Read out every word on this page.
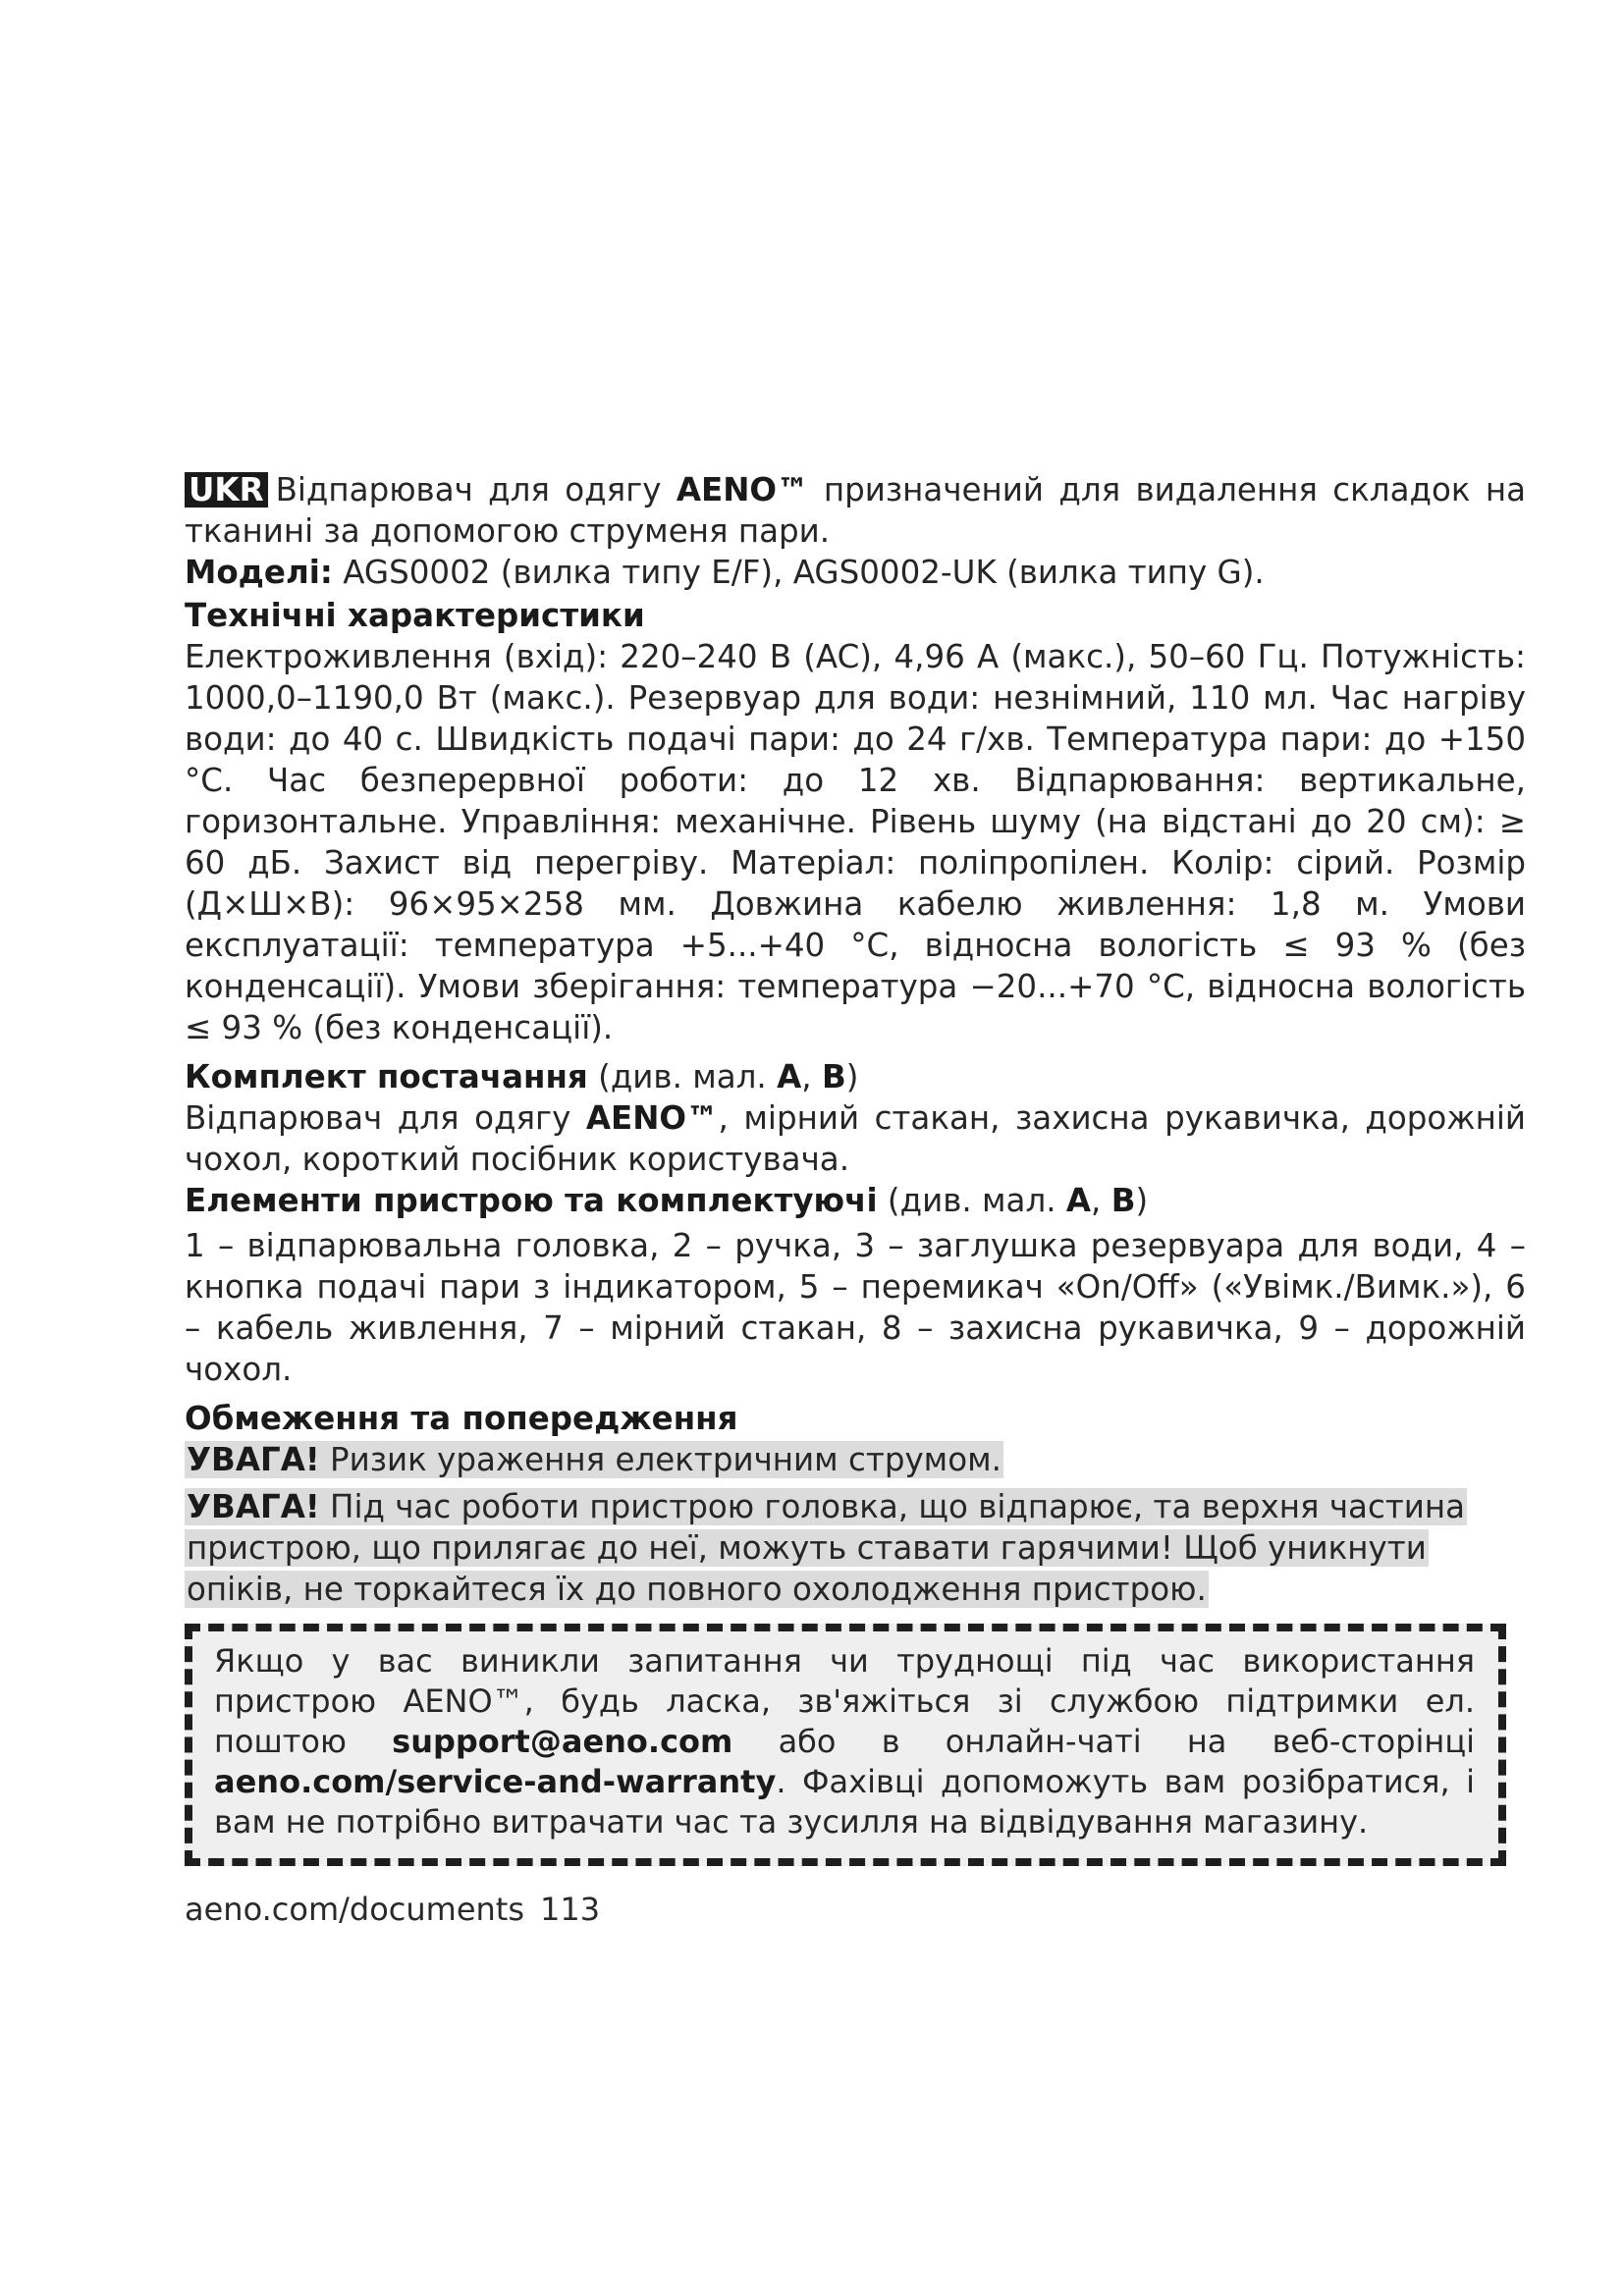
UKR Відпарювач для одягу AENO™ призначений для видалення складок на тканині за допомогою струменя пари.

Моделі: AGS0002 (вилка типу E/F), AGS0002-UK (вилка типу G).

Технічні характеристики

Електроживлення (вхід): 220–240 В (AC), 4,96 А (макс.), 50–60 Гц. Потужність: 1000,0–1190,0 Вт (макс.). Резервуар для води: незнімний, 110 мл. Час нагріву води: до 40 с. Швидкість подачі пари: до 24 г/хв. Температура пари: до +150 °C. Час безперервної роботи: до 12 хв. Відпарювання: вертикальне, горизонтальне. Управління: механічне. Рівень шуму (на відстані до 20 см): ≥ 60 дБ. Захист від перегріву. Матеріал: поліпропілен. Колір: сірий. Розмір (Д×Ш×В): 96×95×258 мм. Довжина кабелю живлення: 1,8 м. Умови експлуатації: температура +5...+40 °C, відносна вологість ≤ 93 % (без конденсації). Умови зберігання: температура −20...+70 °C, відносна вологість ≤ 93 % (без конденсації).

Комплект постачання (див. мал. A, B)

Відпарювач для одягу AENO™, мірний стакан, захисна рукавичка, дорожній чохол, короткий посібник користувача.

Елементи пристрою та комплектуючі (див. мал. A, B)

1 – відпарювальна головка, 2 – ручка, 3 – заглушка резервуара для води, 4 – кнопка подачі пари з індикатором, 5 – перемикач «On/Off» («Увімк./Вимк.»), 6 – кабель живлення, 7 – мірний стакан, 8 – захисна рукавичка, 9 – дорожній чохол.

Обмеження та попередження

УВАГА! Ризик ураження електричним струмом.

УВАГА! Під час роботи пристрою головка, що відпарює, та верхня частина пристрою, що прилягає до неї, можуть ставати гарячими! Щоб уникнути опіків, не торкайтеся їх до повного охолодження пристрою.

Якщо у вас виникли запитання чи труднощі під час використання пристрою AENO™, будь ласка, зв'яжіться зі службою підтримки ел. поштою support@aeno.com або в онлайн-чаті на веб-сторінці aeno.com/service-and-warranty. Фахівці допоможуть вам розібратися, і вам не потрібно витрачати час та зусилля на відвідування магазину.
aeno.com/documents 113
